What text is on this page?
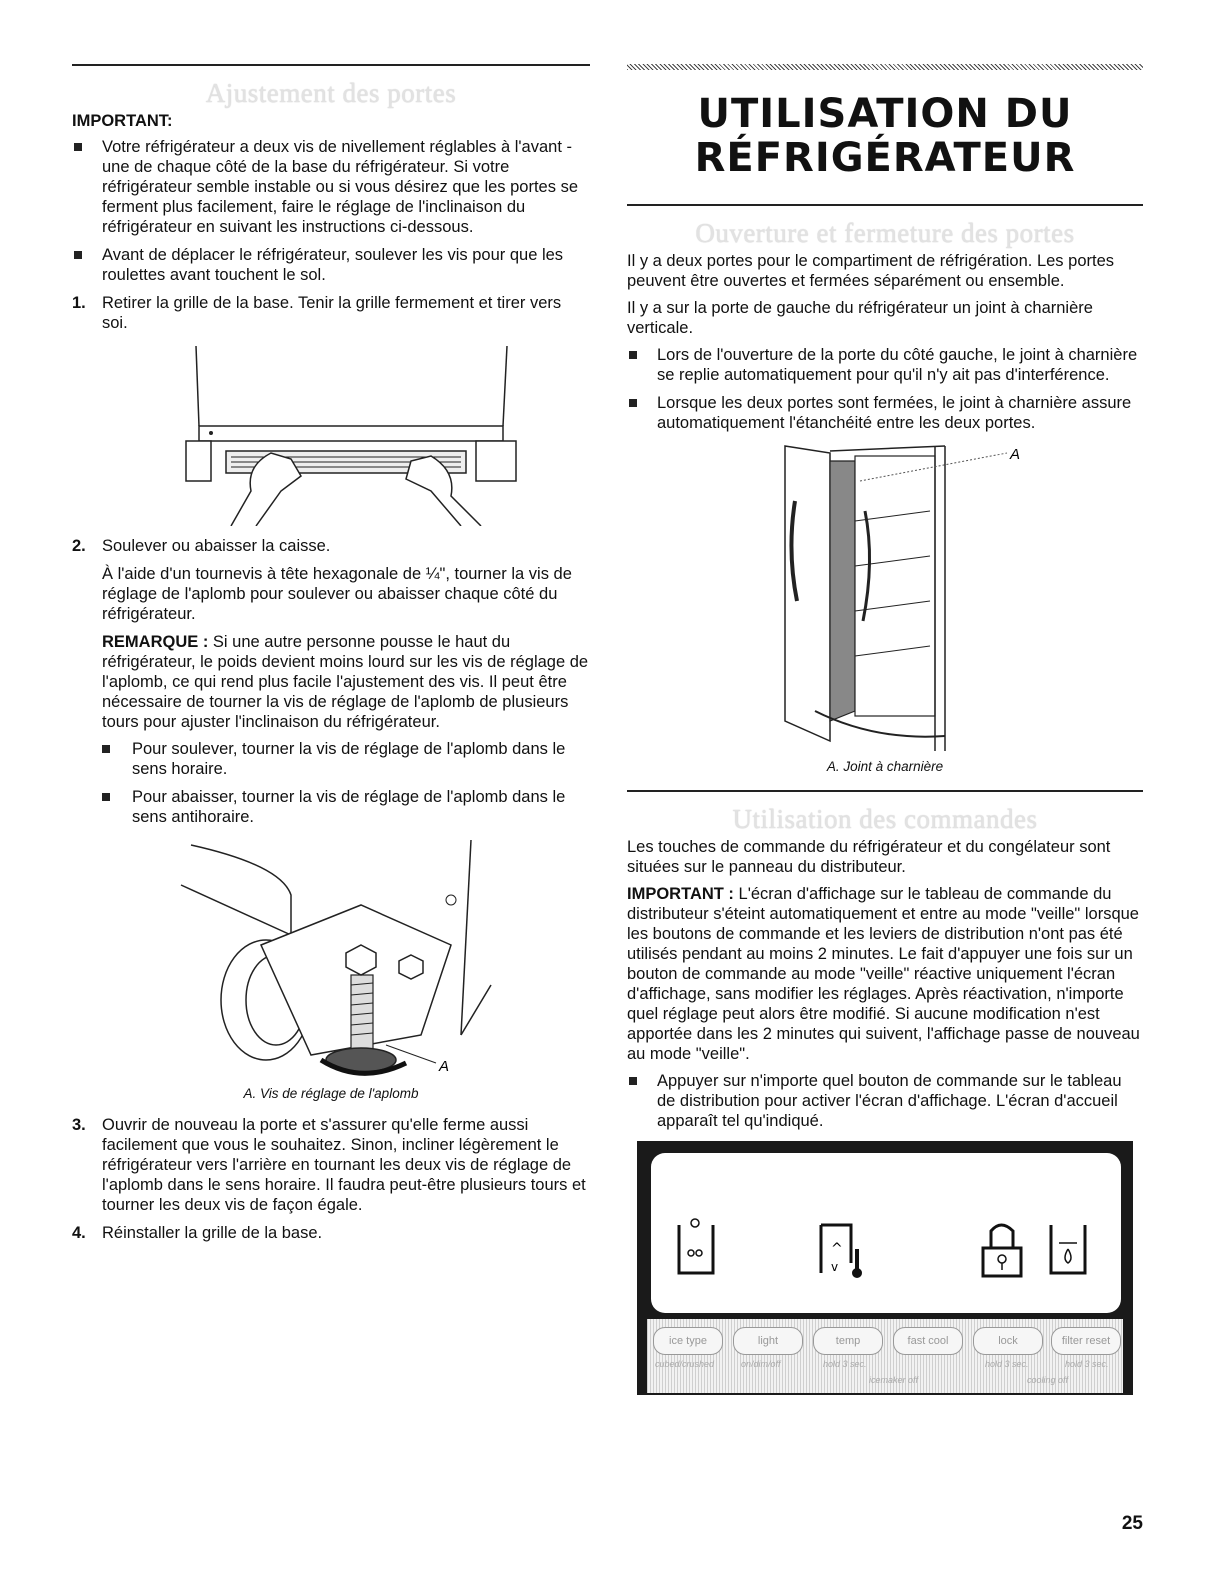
Ajustement des portes

IMPORTANT:

Votre réfrigérateur a deux vis de nivellement réglables à l'avant - une de chaque côté de la base du réfrigérateur. Si votre réfrigérateur semble instable ou si vous désirez que les portes se ferment plus facilement, faire le réglage de l'inclinaison du réfrigérateur en suivant les instructions ci-dessous.
Avant de déplacer le réfrigérateur, soulever les vis pour que les roulettes avant touchent le sol.
1. Retirer la grille de la base. Tenir la grille fermement et tirer vers soi.
2. Soulever ou abaisser la caisse.

À l'aide d'un tournevis à tête hexagonale de ¼", tourner la vis de réglage de l'aplomb pour soulever ou abaisser chaque côté du réfrigérateur.

REMARQUE : Si une autre personne pousse le haut du réfrigérateur, le poids devient moins lourd sur les vis de réglage de l'aplomb, ce qui rend plus facile l'ajustement des vis. Il peut être nécessaire de tourner la vis de réglage de l'aplomb de plusieurs tours pour ajuster l'inclinaison du réfrigérateur.

Pour soulever, tourner la vis de réglage de l'aplomb dans le sens horaire.
Pour abaisser, tourner la vis de réglage de l'aplomb dans le sens antihoraire.
A
A. Vis de réglage de l'aplomb
3. Ouvrir de nouveau la porte et s'assurer qu'elle ferme aussi facilement que vous le souhaitez. Sinon, incliner légèrement le réfrigérateur vers l'arrière en tournant les deux vis de réglage de l'aplomb dans le sens horaire. Il faudra peut-être plusieurs tours et tourner les deux vis de façon égale.
4. Réinstaller la grille de la base.
UTILISATION DU
RÉFRIGÉRATEUR
Ouverture et fermeture des portes

Il y a deux portes pour le compartiment de réfrigération. Les portes peuvent être ouvertes et fermées séparément ou ensemble.

Il y a sur la porte de gauche du réfrigérateur un joint à charnière verticale.

Lors de l'ouverture de la porte du côté gauche, le joint à charnière se replie automatiquement pour qu'il n'y ait pas d'interférence.
Lorsque les deux portes sont fermées, le joint à charnière assure automatiquement l'étanchéité entre les deux portes.
A
A. Joint à charnière
Utilisation des commandes

Les touches de commande du réfrigérateur et du congélateur sont situées sur le panneau du distributeur.

IMPORTANT : L'écran d'affichage sur le tableau de commande du distributeur s'éteint automatiquement et entre au mode "veille" lorsque les boutons de commande et les leviers de distribution n'ont pas été utilisés pendant au moins 2 minutes. Le fait d'appuyer une fois sur un bouton de commande au mode "veille" réactive uniquement l'écran d'affichage, sans modifier les réglages. Après réactivation, n'importe quel réglage peut alors être modifié. Si aucune modification n'est apportée dans les 2 minutes qui suivent, l'affichage passe de nouveau au mode "veille".

Appuyer sur n'importe quel bouton de commande sur le tableau de distribution pour activer l'écran d'affichage. L'écran d'accueil apparaît tel qu'indiqué.
^
v
ice type
cubed/crushed
light
on/dim/off
temp
hold 3 sec.
fast cool
icemaker off
lock
hold 3 sec.
filter reset
hold 3 sec.
cooling off
25
